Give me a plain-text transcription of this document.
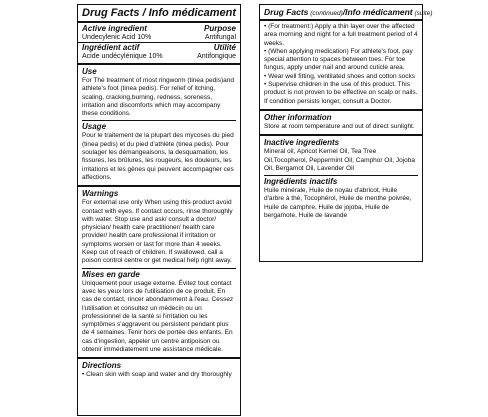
Drug Facts / Info médicament
Active ingredient	Purpose
Undecylenic Acid 10%	Antifungal
Ingrédient actif	Utilité
Acide undécylénique 10%	Antifongique
Use
For The treatment of most ringworm (tinea pedis)and athlete's foot (tinea pedis). For relief of itching, scaling, cracking,burning, redness, soreness, irritation and discomforts which may accompany these conditions.
Usage
Pour le traitement de la plupart des mycoses du pied (tinea pedis) et du pied d'athlète (tinea pedis). Pour soulager les démangeaisons, la desquamation, les fissures, les brûlures, les rougeurs, les douleurs, les irritations et les gênes qui peuvent accompagner ces affections.
Warnings
For external use only When using this product avoid contact with eyes. If contact occurs, rinse thoroughly with water. Stop use and ask/ consult a doctor/ physician/ health care practitioner/ health care provider/ health care professional if irritation or symptoms worsen or last for more than 4 weeks. Keep out of reach of children. If swallowed, call a poison control centre or get medical help right away.
Mises en garde
Uniquement pour usage externe. Évitez tout contact avec les yeux lors de l'utilisation de ce produit. En cas de contact, rincer abondamment à l'eau. Cessez l'utilisation et consultez un médecin ou un professionnel de la santé si l'irritation ou les symptômes s'aggravent ou persistent pendant plus de 4 semaines. Tenir hors de portée des enfants. En cas d'ingestion, appeler un centre antipoison ou obtenir immédiatement une assistance médicale.
Directions
• Clean skin with soap and water and dry thoroughly
Drug Facts (continued)/Info médicament (suite)
• (For treatment:) Apply a thin layer over the affected area morning and night for a full treatment period of 4 weeks.
• (When applying medication) For athlete's foot, pay special attention to spaces between toes. For toe fungus, apply under nail and around cuticle area.
• Wear well fitting, ventilated shoes and cotton socks
• Supervise children in the use of this product. This product is not proven to be effective on scalp or nails. If condition persists longer, consult a Doctor.
Other information
Store at room temperature and out of direct sunlight.
Inactive ingredients
Mineral oil, Apricot Kernel Oil, Tea Tree Oil,Tocopherol, Peppermint Oil, Camphor Oil, Jojoba Oil, Bergamot Oil, Lavender Oil
Ingrédients inactifs
Huile minérale, Huile de noyau d'abricot, Huile d'arbre à thé, Tocophérol, Huile de menthe poivrée, Huile de camphre, Huile de jojoba, Huile de bergamote, Huile de lavande
